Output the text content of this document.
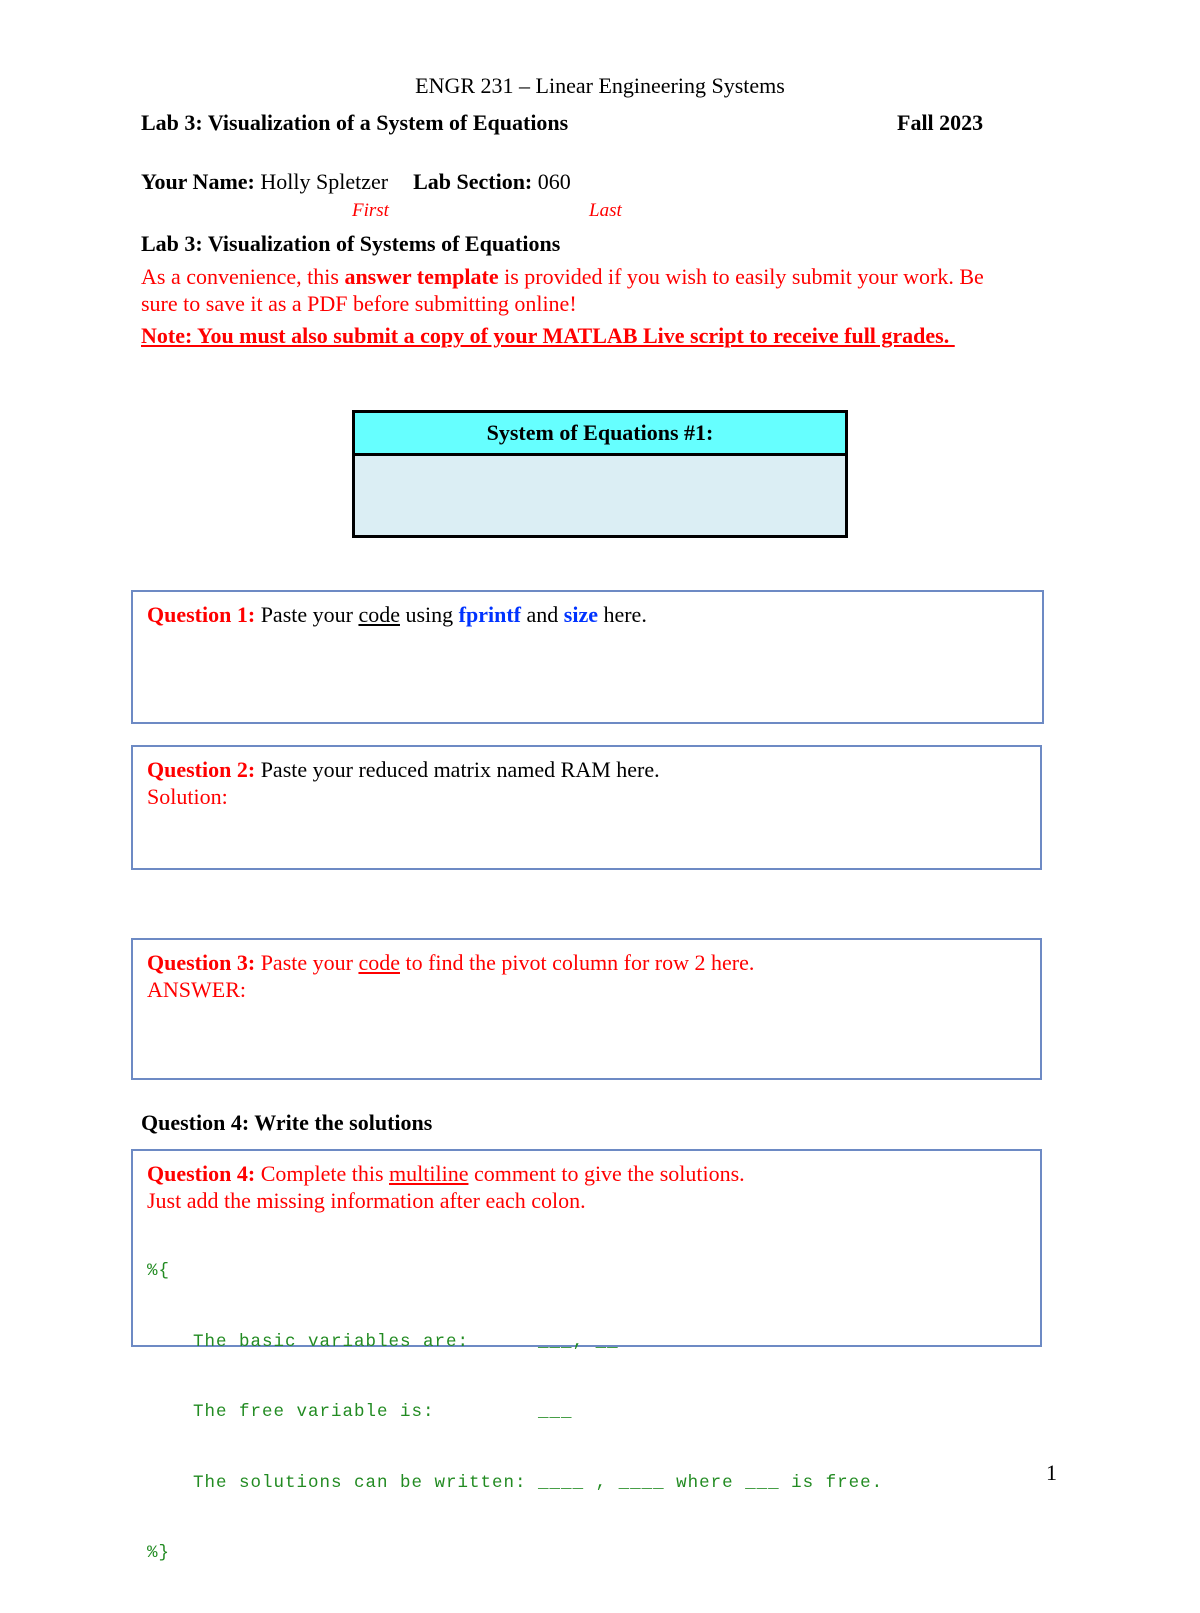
ENGR 231 – Linear Engineering Systems
Lab 3: Visualization of a System of Equations	Fall 2023
Your Name: Holly Spletzer Lab Section: 060
First	Last
Lab 3: Visualization of Systems of Equations
As a convenience, this answer template is provided if you wish to easily submit your work. Be
sure to save it as a PDF before submitting online!
Note: You must also submit a copy of your MATLAB Live script to receive full grades.
System of Equations #1:
Question 1: Paste your code using fprintf and size here.
Question 2: Paste your reduced matrix named RAM here.
Solution:
Question 3: Paste your code to find the pivot column for row 2 here.
ANSWER:
Question 4: Write the solutions
Question 4: Complete this multiline comment to give the solutions.
Just add the missing information after each colon.

%{

The basic variables are:      ___, __

The free variable is:         ___

The solutions can be written: ____ , ____ where ___ is free.

%}

1
